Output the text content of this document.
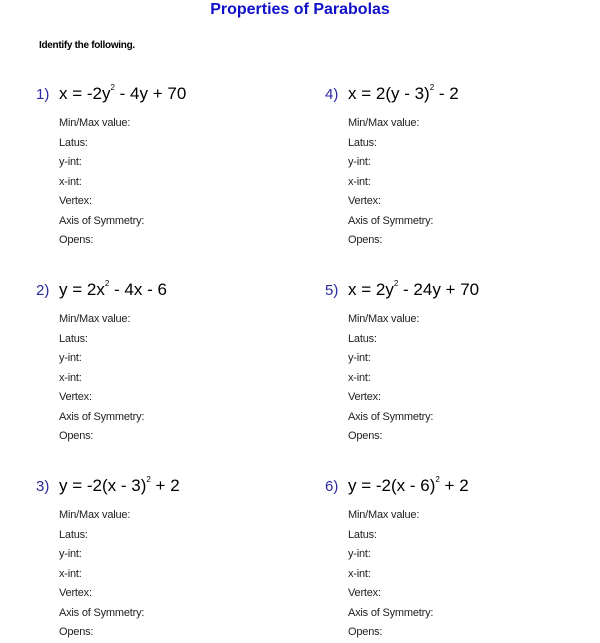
Properties of Parabolas
Identify the following.
1) $x = -2y^2 - 4y + 70$
Min/Max value:
Latus:
y-int:
x-int:
Vertex:
Axis of Symmetry:
Opens:
2) $y = 2x^2 - 4x - 6$
Min/Max value:
Latus:
y-int:
x-int:
Vertex:
Axis of Symmetry:
Opens:
3) y = -2(x - 3)$^2$ + 2
Min/Max value:
Latus:
y-int:
x-int:
Vertex:
Axis of Symmetry:
Opens:
4) x = 2(y - 3)$^2$ - 2
Min/Max value:
Latus:
y-int:
x-int:
Vertex:
Axis of Symmetry:
Opens:
5) $x = 2y^2 - 24y + 70$
Min/Max value:
Latus:
y-int:
x-int:
Vertex:
Axis of Symmetry:
Opens:
6) y = -2(x - 6)$^2$ + 2
Min/Max value:
Latus:
y-int:
x-int:
Vertex:
Axis of Symmetry:
Opens:
